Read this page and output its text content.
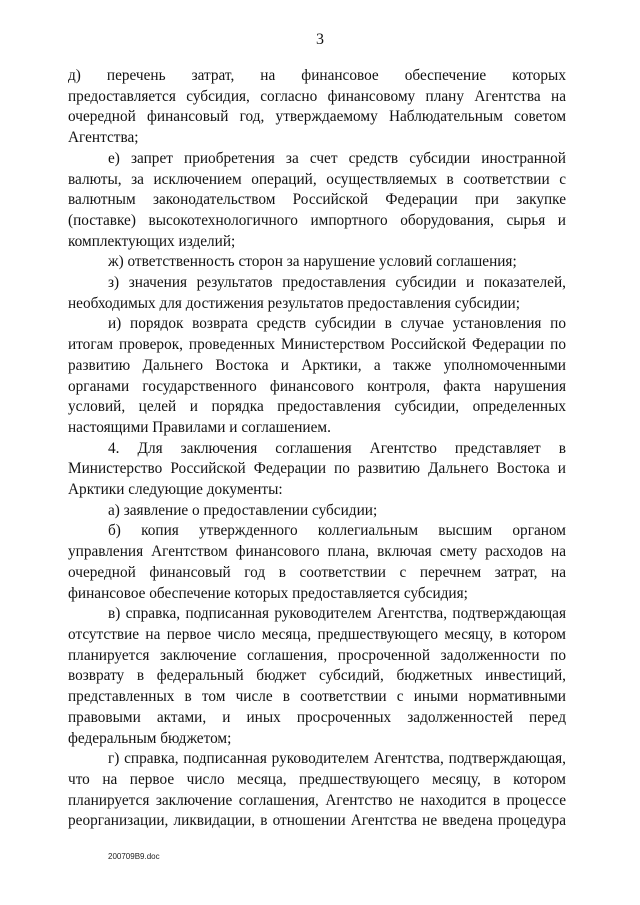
3
д) перечень затрат, на финансовое обеспечение которых
предоставляется субсидия, согласно финансовому плану Агентства на
очередной финансовый год, утверждаемому Наблюдательным советом
Агентства;
е) запрет приобретения за счет средств субсидии иностранной
валюты, за исключением операций, осуществляемых в соответствии с
валютным законодательством Российской Федерации при закупке
(поставке) высокотехнологичного импортного оборудования, сырья и
комплектующих изделий;
ж) ответственность сторон за нарушение условий соглашения;
з) значения результатов предоставления субсидии и показателей,
необходимых для достижения результатов предоставления субсидии;
и) порядок возврата средств субсидии в случае установления по
итогам проверок, проведенных Министерством Российской Федерации по
развитию Дальнего Востока и Арктики, а также уполномоченными
органами государственного финансового контроля, факта нарушения
условий, целей и порядка предоставления субсидии, определенных
настоящими Правилами и соглашением.
4. Для заключения соглашения Агентство представляет в
Министерство Российской Федерации по развитию Дальнего Востока и
Арктики следующие документы:
а) заявление о предоставлении субсидии;
б) копия утвержденного коллегиальным высшим органом
управления Агентством финансового плана, включая смету расходов на
очередной финансовый год в соответствии с перечнем затрат, на
финансовое обеспечение которых предоставляется субсидия;
в) справка, подписанная руководителем Агентства, подтверждающая
отсутствие на первое число месяца, предшествующего месяцу, в котором
планируется заключение соглашения, просроченной задолженности по
возврату в федеральный бюджет субсидий, бюджетных инвестиций,
представленных в том числе в соответствии с иными нормативными
правовыми актами, и иных просроченных задолженностей перед
федеральным бюджетом;
г) справка, подписанная руководителем Агентства, подтверждающая,
что на первое число месяца, предшествующего месяцу, в котором
планируется заключение соглашения, Агентство не находится в процессе
реорганизации, ликвидации, в отношении Агентства не введена процедура
200709В9.doc
